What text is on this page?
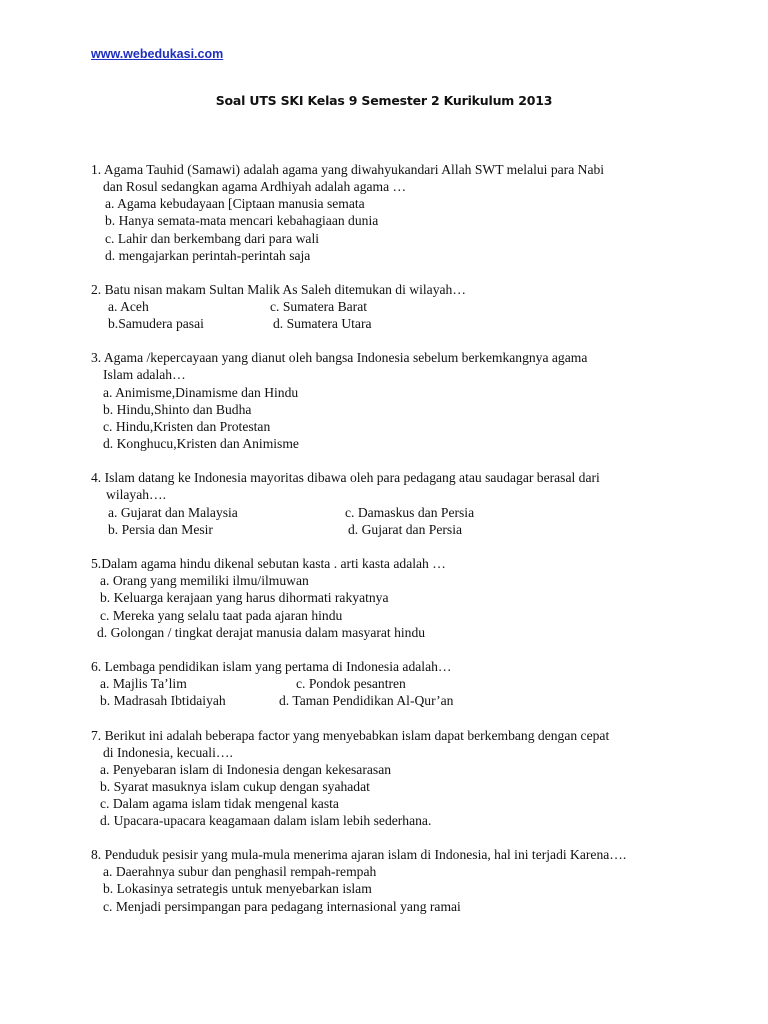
www.webedukasi.com
Soal UTS SKI Kelas 9 Semester 2 Kurikulum 2013
1. Agama Tauhid (Samawi) adalah agama yang diwahyukandari Allah SWT melalui para Nabi
dan Rosul sedangkan agama Ardhiyah adalah agama …
a. Agama kebudayaan [Ciptaan manusia semata
b. Hanya semata-mata mencari kebahagiaan dunia
c. Lahir dan berkembang dari para wali
d. mengajarkan perintah-perintah saja
2. Batu nisan makam Sultan Malik As Saleh ditemukan di wilayah…
a. Aceh	c. Sumatera Barat
b.Samudera pasai	d. Sumatera Utara
3. Agama /kepercayaan yang dianut oleh bangsa Indonesia sebelum berkemkangnya agama
Islam adalah…
a. Animisme,Dinamisme dan Hindu
b. Hindu,Shinto dan Budha
c. Hindu,Kristen dan Protestan
d. Konghucu,Kristen dan Animisme
4. Islam datang ke Indonesia mayoritas dibawa oleh para pedagang atau saudagar berasal dari
wilayah….
a. Gujarat dan Malaysia	c. Damaskus dan Persia
b. Persia dan Mesir	d. Gujarat dan Persia
5.Dalam agama hindu dikenal sebutan kasta . arti kasta adalah …
a. Orang yang memiliki ilmu/ilmuwan
b. Keluarga kerajaan yang harus dihormati rakyatnya
c. Mereka yang selalu taat pada ajaran hindu
d. Golongan / tingkat derajat manusia dalam masyarat hindu
6. Lembaga pendidikan islam yang pertama di Indonesia adalah…
a. Majlis Ta’lim	c. Pondok pesantren
b. Madrasah Ibtidaiyah	d. Taman Pendidikan Al-Qur’an
7. Berikut ini adalah beberapa factor yang menyebabkan islam dapat berkembang dengan cepat
di Indonesia, kecuali….
a. Penyebaran islam di Indonesia dengan kekesarasan
b. Syarat masuknya islam cukup dengan syahadat
c. Dalam agama islam tidak mengenal kasta
d. Upacara-upacara keagamaan dalam islam lebih sederhana.
8. Penduduk pesisir yang mula-mula menerima ajaran islam di Indonesia, hal ini terjadi Karena….
a. Daerahnya subur dan penghasil rempah-rempah
b. Lokasinya setrategis untuk menyebarkan islam
c. Menjadi persimpangan para pedagang internasional yang ramai
